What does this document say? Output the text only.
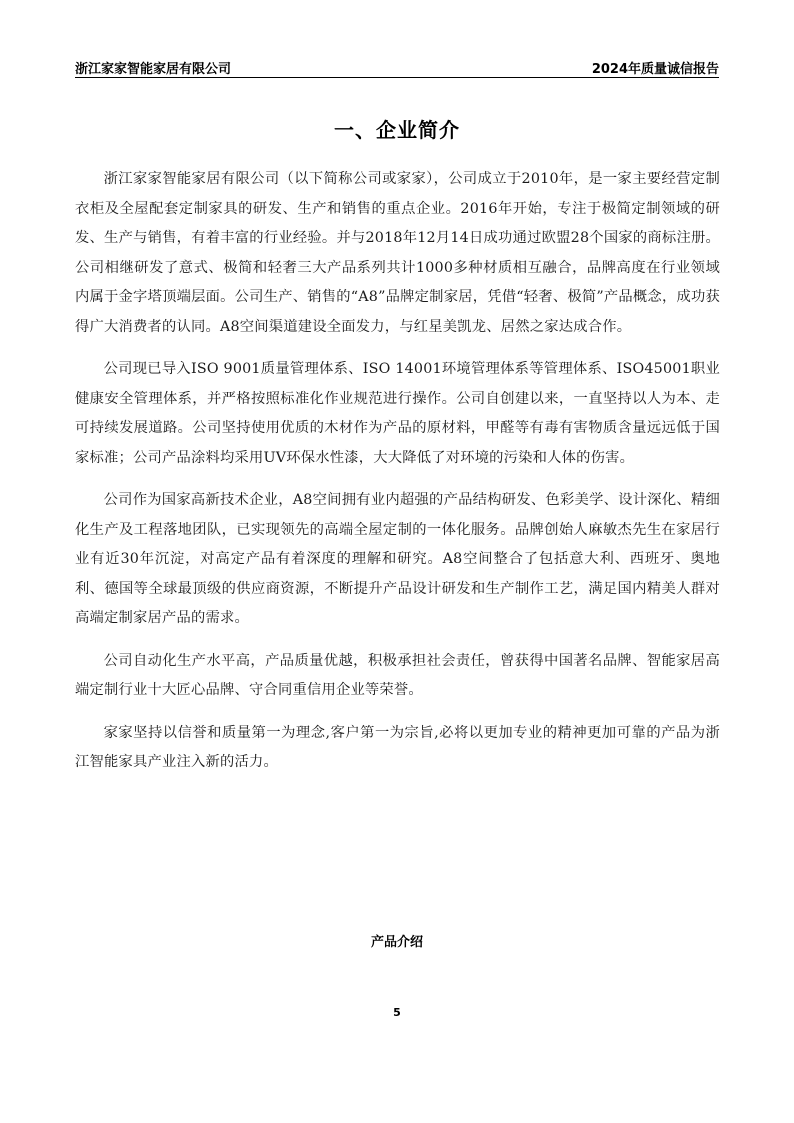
浙江家家智能家居有限公司	2024年质量诚信报告
一、企业简介

浙江家家智能家居有限公司（以下简称公司或家家），公司成立于2010年，是一家主要经营定制衣柜及全屋配套定制家具的研发、生产和销售的重点企业。2016年开始，专注于极简定制领域的研发、生产与销售，有着丰富的行业经验。并与2018年12月14日成功通过欧盟28个国家的商标注册。 公司相继研发了意式、极简和轻奢三大产品系列共计1000多种材质相互融合，品牌高度在行业领域内属于金字塔顶端层面。公司生产、销售的“A8”品牌定制家居，凭借“轻奢、极简”产品概念，成功获得广大消费者的认同。A8空间渠道建设全面发力，与红星美凯龙、居然之家达成合作。

公司现已导入ISO 9001质量管理体系、ISO 14001环境管理体系等管理体系、ISO45001职业健康安全管理体系，并严格按照标准化作业规范进行操作。公司自创建以来，一直坚持以人为本、走可持续发展道路。公司坚持使用优质的木材作为产品的原材料，甲醛等有毒有害物质含量远远低于国家标准；公司产品涂料均采用UV环保水性漆，大大降低了对环境的污染和人体的伤害。

公司作为国家高新技术企业，A8空间拥有业内超强的产品结构研发、色彩美学、设计深化、精细化生产及工程落地团队，已实现领先的高端全屋定制的一体化服务。品牌创始人麻敏杰先生在家居行业有近30年沉淀，对高定产品有着深度的理解和研究。A8空间整合了包括意大利、西班牙、奥地利、德国等全球最顶级的供应商资源，不断提升产品设计研发和生产制作工艺，满足国内精美人群对高端定制家居产品的需求。

公司自动化生产水平高，产品质量优越，积极承担社会责任，曾获得中国著名品牌、智能家居高端定制行业十大匠心品牌、守合同重信用企业等荣誉。

家家坚持以信誉和质量第一为理念,客户第一为宗旨,必将以更加专业的精神更加可靠的产品为浙江智能家具产业注入新的活力。

产品介绍
5
